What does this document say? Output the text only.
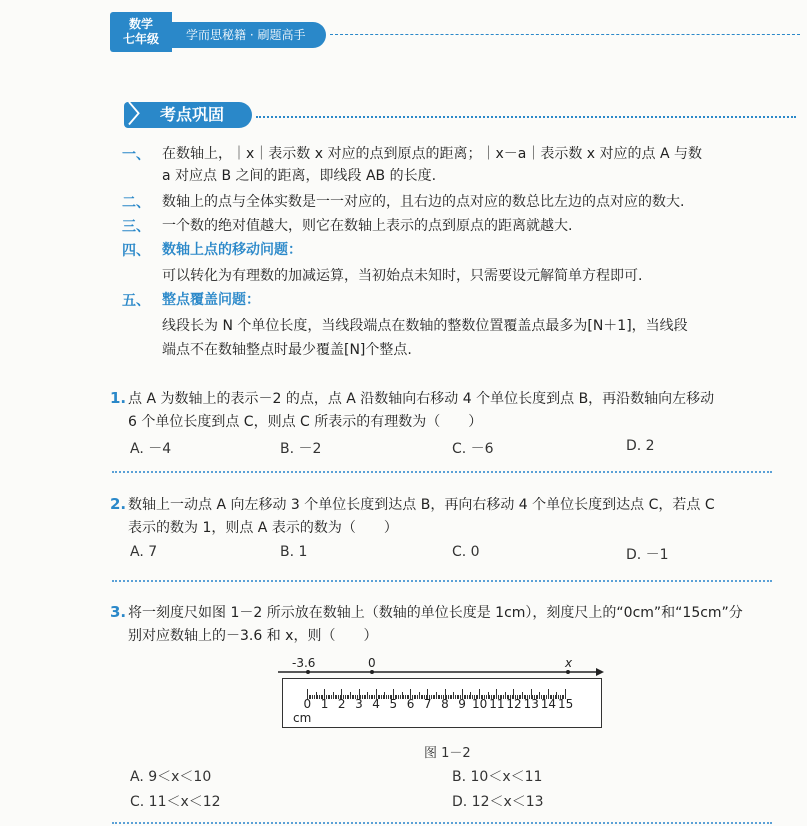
数学
七年级	学而思秘籍 · 刷题高手
考点巩固
〉
一、 在数轴上，｜x｜表示数 x 对应的点到原点的距离；｜x－a｜表示数 x 对应的点 A 与数
a 对应点 B 之间的距离，即线段 AB 的长度.
二、 数轴上的点与全体实数是一一对应的，且右边的点对应的数总比左边的点对应的数大.
三、 一个数的绝对值越大，则它在数轴上表示的点到原点的距离就越大.
四、 数轴上点的移动问题：
可以转化为有理数的加减运算，当初始点未知时，只需要设元解简单方程即可.
五、 整点覆盖问题：
线段长为 N 个单位长度，当线段端点在数轴的整数位置覆盖点最多为[N＋1]，当线段
端点不在数轴整点时最少覆盖[N]个整点.
1. 点 A 为数轴上的表示－2 的点，点 A 沿数轴向右移动 4 个单位长度到点 B，再沿数轴向左移动
6 个单位长度到点 C，则点 C 所表示的有理数为（　　）
A. －4	B. －2	C. －6	D. 2
2. 数轴上一动点 A 向左移动 3 个单位长度到达点 B，再向右移动 4 个单位长度到达点 C，若点 C
表示的数为 1，则点 A 表示的数为（　　）
A. 7	B. 1	C. 0	D. －1
3. 将一刻度尺如图 1－2 所示放在数轴上（数轴的单位长度是 1cm），刻度尺上的“0cm”和“15cm”分
别对应数轴上的－3.6 和 x，则（　　）
-3.6	0	x
0 1 2 3 4 5 6 7 8 9 10 11 12 13 14 15
cm
图 1－2
A. 9＜x＜10	B. 10＜x＜11
C. 11＜x＜12	D. 12＜x＜13
